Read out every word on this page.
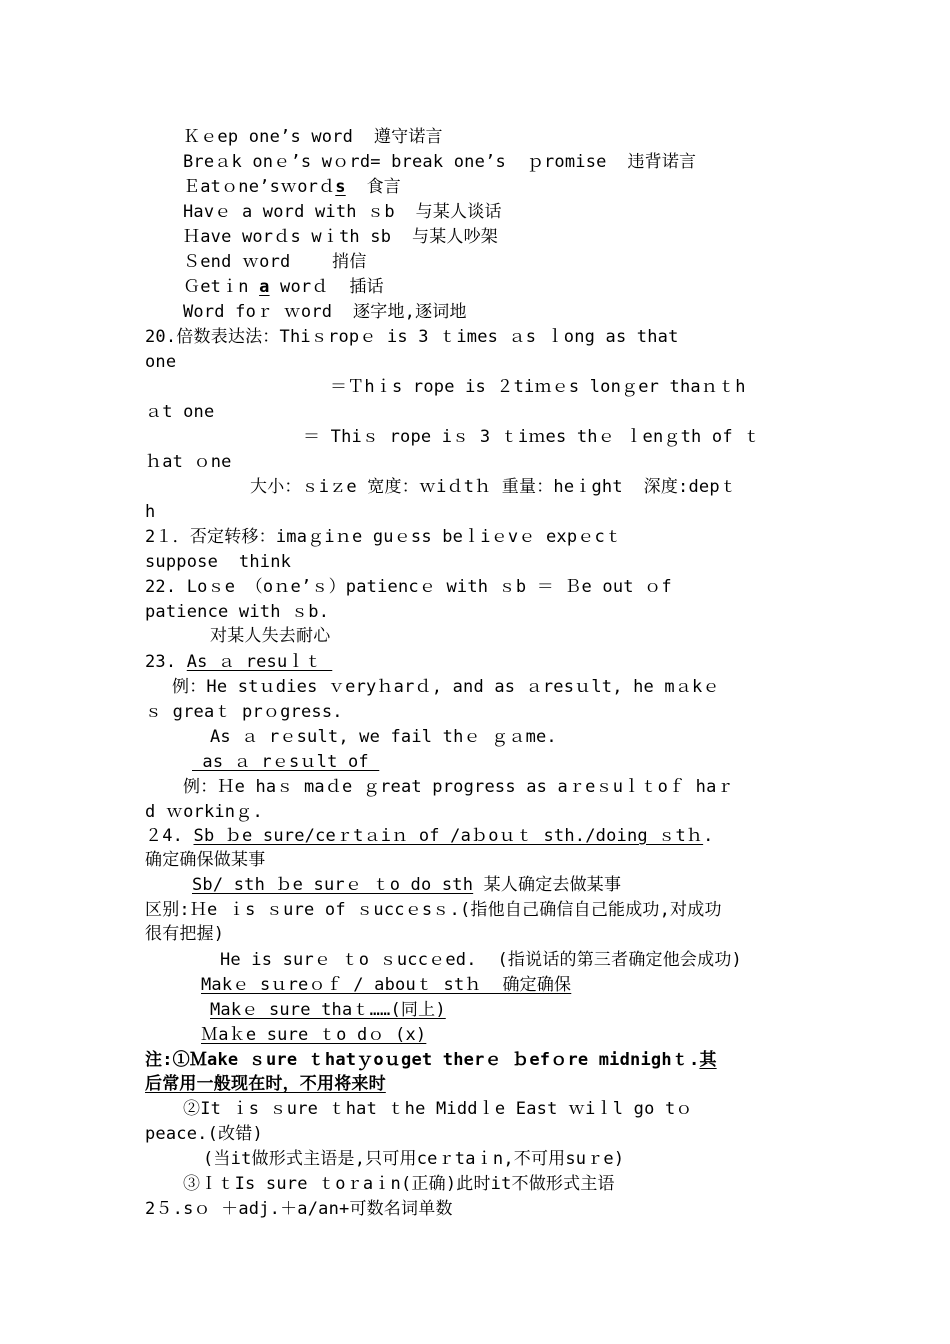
Ｋｅep one’s word  遵守诺言
Breａk onｅ’s wｏrd= break one’s  ｐromise  违背诺言
Ｅatｏneʼsｗorｄs  食言
Havｅ a word with ｓb  与某人谈话
Ｈave worｄs wｉth sb  与某人吵架
Ｓend ｗord    捎信
Ｇetｉn a worｄ  插话
Word foｒ ｗord  逐字地,逐词地
20.倍数表达法：Thiｓropｅ is 3 ｔimes ａs ｌong as that
one
＝Ｔhｉs rope is ２tiｍｅs lonｇer thaｎｔh
ａt one
＝ Thiｓ rope iｓ 3 ｔiｍes thｅ ｌenｇth of ｔ
ｈat ｏne
大小：ｓiｚe 宽度：ｗiｄtｈ 重量：heｉght  深度:depｔ
h
2１．否定转移：imaｇiｎe guｅss beｌiｅvｅ expｅcｔ
suppose  think
22. Loｓe （oｎe’ｓ）patiencｅ with ｓb ＝ Ｂe out ｏf
patience with ｓb.
对某人失去耐心
23. As ａ resuｌｔ
例：He stｕdies ｖeryｈarｄ, and as ａresｕlt, he mａkｅ
ｓ greaｔ prｏgress.
As ａ rｅsult, we fail thｅ ｇａme.
as ａ rｅsｕlt of
例：Ｈe haｓ maｄe ｇreat progress as aｒeｓuｌｔoｆ haｒ
d ｗorkinｇ.
２4. Sb ｂe sure/ceｒtａiｎ of /aｂoｕｔ sth./doing ｓtｈ.
确定确保做某事
Sb/ sth ｂe surｅ ｔo do sth 某人确定去做某事
区别:Ｈe ｉs ｓure of ｓuccｅsｓ.(指他自己确信自己能成功,对成功
很有把握)
He is surｅ ｔo ｓuccｅed.  (指说话的第三者确定他会成功)
Makｅ sｕreｏｆ / abouｔ stｈ  确定确保
Makｅ sure thaｔ……(同上)
Ｍaｋe sure ｔo dｏ (x)
注:①Ｍake ｓure ｔhatｙoｕget therｅ ｂefｏre midnighｔ.其
后常用一般现在时，不用将来时
②It ｉs ｓure ｔhat ｔhe Middｌe East ｗiｌl go tｏ
peace.(改错)
(当it做形式主语是,只可用ceｒtaｉn,不可用suｒe)
③ＩｔIs sure ｔoｒaｉn(正确)此时it不做形式主语
2５.sｏ ＋adj.＋a/an+可数名词单数
